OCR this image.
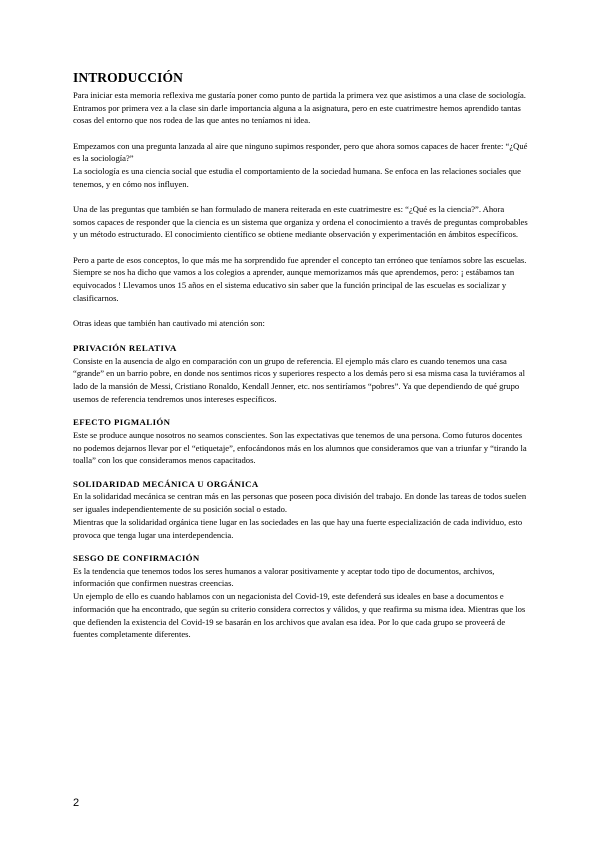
INTRODUCCIÓN

Para iniciar esta memoria reflexiva me gustaría poner como punto de partida la primera vez que asistimos a una clase de sociología.

Entramos por primera vez a la clase sin darle importancia alguna a la asignatura, pero en este cuatrimestre hemos aprendido tantas cosas del entorno que nos rodea de las que antes no teníamos ni idea.

Empezamos con una pregunta lanzada al aire que ninguno supimos responder, pero que ahora somos capaces de hacer frente: “¿Qué es la sociología?”

La sociología es una ciencia social que estudia el comportamiento de la sociedad humana. Se enfoca en las relaciones sociales que tenemos, y en cómo nos influyen.

Una de las preguntas que también se han formulado de manera reiterada en este cuatrimestre es: “¿Qué es la ciencia?”. Ahora somos capaces de responder que la ciencia es un sistema que organiza y ordena el conocimiento a través de preguntas comprobables y un método estructurado. El conocimiento científico se obtiene mediante observación y experimentación en ámbitos específicos.

Pero a parte de esos conceptos, lo que más me ha sorprendido fue aprender el concepto tan erróneo que teníamos sobre las escuelas.

Siempre se nos ha dicho que vamos a los colegios a aprender, aunque memorizamos más que aprendemos, pero: ¡ estábamos tan equivocados ! Llevamos unos 15 años en el sistema educativo sin saber que la función principal de las escuelas es socializar y clasificarnos.

Otras ideas que también han cautivado mi atención son:

PRIVACIÓN RELATIVA

Consiste en la ausencia de algo en comparación con un grupo de referencia. El ejemplo más claro es cuando tenemos una casa “grande” en un barrio pobre, en donde nos sentimos ricos y superiores respecto a los demás pero si esa misma casa la tuviéramos al lado de la mansión de Messi, Cristiano Ronaldo, Kendall Jenner, etc. nos sentiríamos “pobres”. Ya que dependiendo de qué grupo usemos de referencia tendremos unos intereses específicos.

EFECTO PIGMALIÓN

Este se produce aunque nosotros no seamos conscientes. Son las expectativas que tenemos de una persona. Como futuros docentes no podemos dejarnos llevar por el “etiquetaje”, enfocándonos más en los alumnos que consideramos que van a triunfar y “tirando la toalla” con los que consideramos menos capacitados.

SOLIDARIDAD MECÁNICA U ORGÁNICA

En la solidaridad mecánica se centran más en las personas que poseen poca división del trabajo. En donde las tareas de todos suelen ser iguales independientemente de su posición social o estado.

Mientras que la solidaridad orgánica tiene lugar en las sociedades en las que hay una fuerte especialización de cada individuo, esto provoca que tenga lugar una interdependencia.

SESGO DE CONFIRMACIÓN

Es la tendencia que tenemos todos los seres humanos a valorar positivamente y aceptar todo tipo de documentos, archivos, información que confirmen nuestras creencias.

Un ejemplo de ello es cuando hablamos con un negacionista del Covid-19, este defenderá sus ideales en base a documentos e información que ha encontrado, que según su criterio considera correctos y válidos, y que reafirma su misma idea. Mientras que los que defienden la existencia del Covid-19 se basarán en los archivos que avalan esa idea. Por lo que cada grupo se proveerá de fuentes completamente diferentes.

2
